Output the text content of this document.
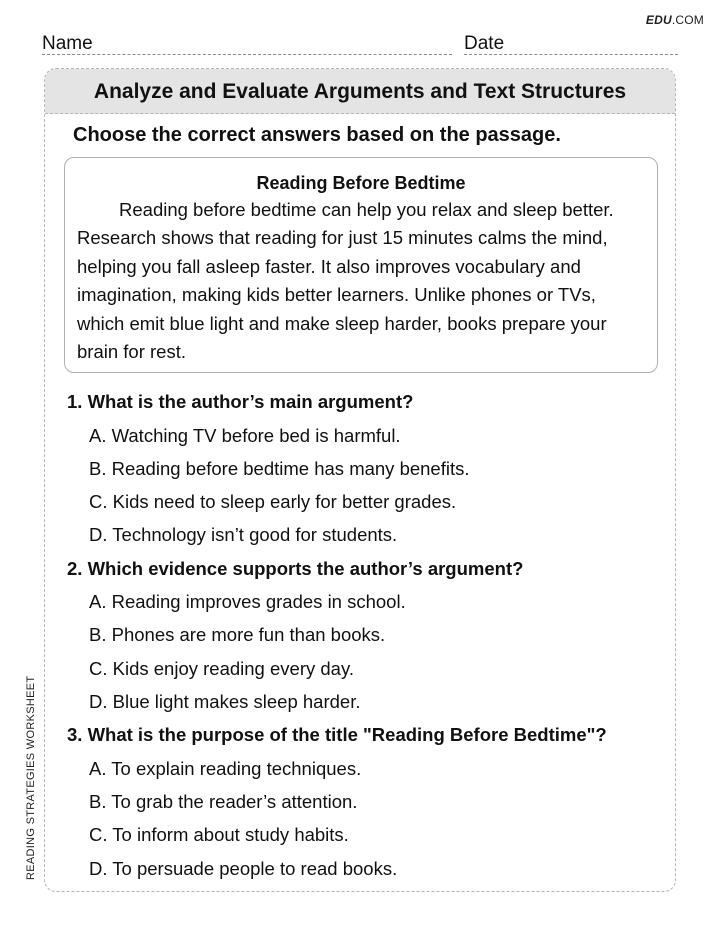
EDU.COM
Name	Date
READING STRATEGIES WORKSHEET
Analyze and Evaluate Arguments and Text Structures
Choose the correct answers based on the passage.
Reading Before Bedtime

Reading before bedtime can help you relax and sleep better. Research shows that reading for just 15 minutes calms the mind, helping you fall asleep faster. It also improves vocabulary and imagination, making kids better learners. Unlike phones or TVs, which emit blue light and make sleep harder, books prepare your brain for rest.

1. What is the author’s main argument?
A. Watching TV before bed is harmful.
B. Reading before bedtime has many benefits.
C. Kids need to sleep early for better grades.
D. Technology isn’t good for students.
2. Which evidence supports the author’s argument?
A. Reading improves grades in school.
B. Phones are more fun than books.
C. Kids enjoy reading every day.
D. Blue light makes sleep harder.
3. What is the purpose of the title "Reading Before Bedtime"?
A. To explain reading techniques.
B. To grab the reader’s attention.
C. To inform about study habits.
D. To persuade people to read books.
